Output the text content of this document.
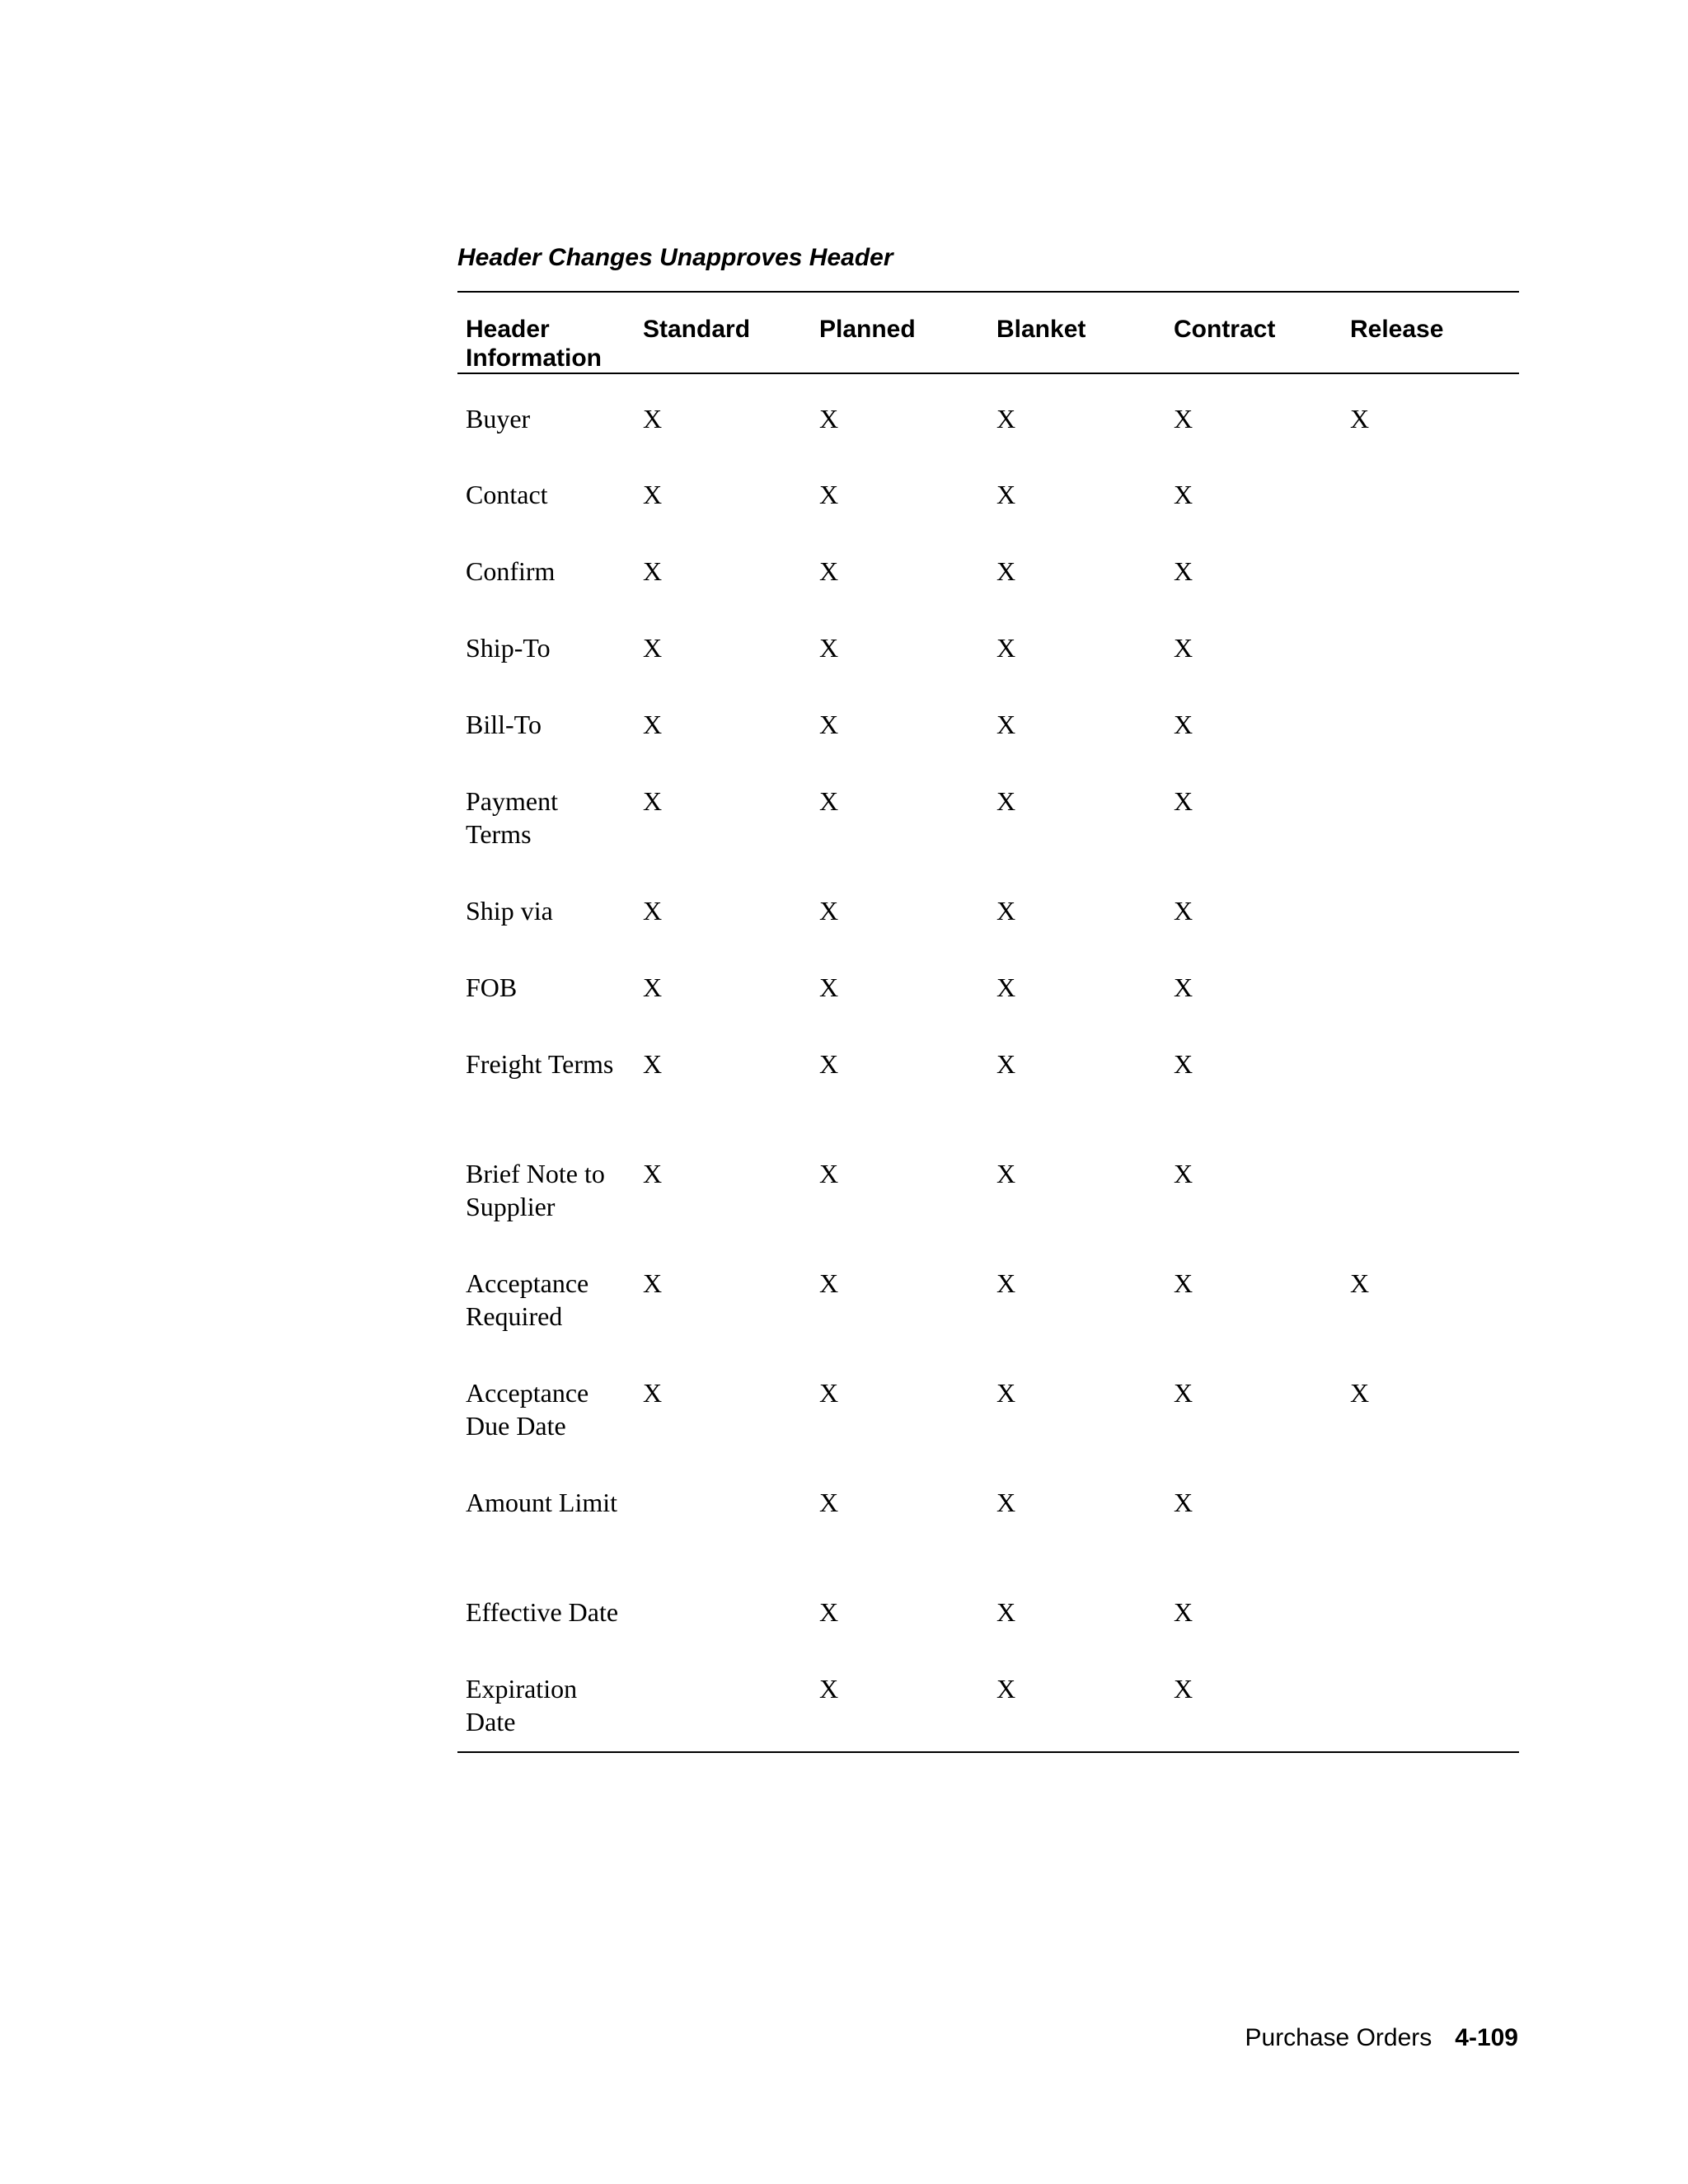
Header Changes Unapproves Header
Header Information	Standard	Planned	Blanket	Contract	Release
Buyer	X	X	X	X	X
Contact	X	X	X	X	
Confirm	X	X	X	X	
Ship-To	X	X	X	X	
Bill-To	X	X	X	X	
Payment Terms	X	X	X	X	
Ship via	X	X	X	X	
FOB	X	X	X	X	
Freight Terms	X	X	X	X	
Brief Note to Supplier	X	X	X	X	
Acceptance Required	X	X	X	X	X
Acceptance Due Date	X	X	X	X	X
Amount Limit		X	X	X	
Effective Date		X	X	X	
Expiration Date		X	X	X	
Purchase Orders 4-109
